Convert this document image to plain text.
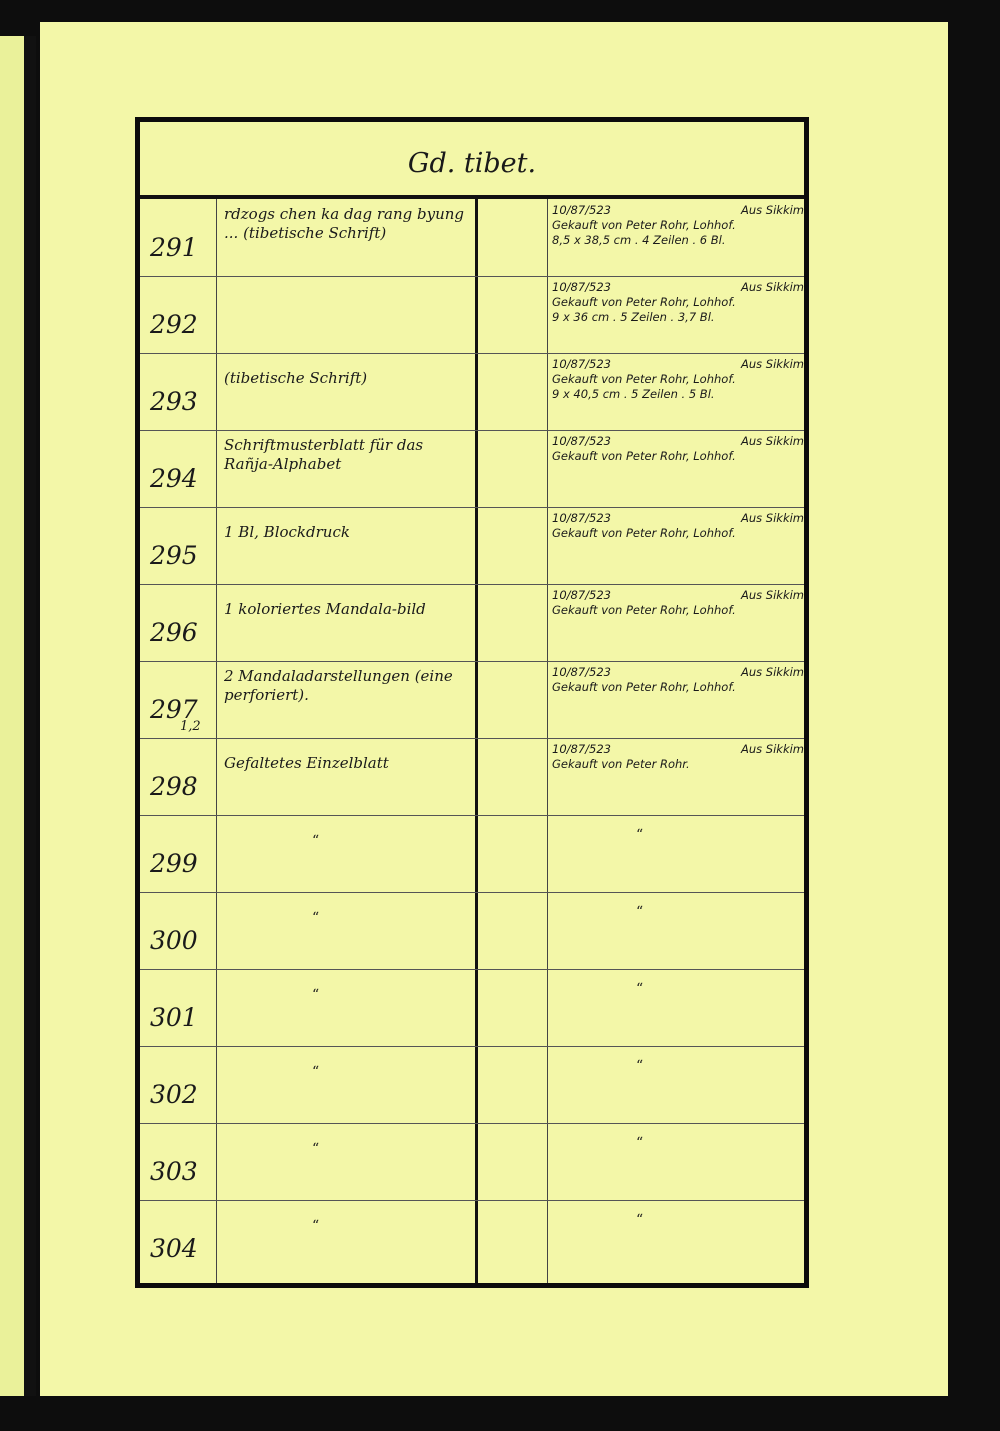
Gd. tibet.
291
rdzogs chen ka dag rang byung ... (tibetische Schrift)
10/87/523	Aus Sikkim
Gekauft von Peter Rohr, Lohhof.
8,5 x 38,5 cm . 4 Zeilen . 6 Bl.
292
10/87/523	Aus Sikkim
Gekauft von Peter Rohr, Lohhof.
9 x 36 cm . 5 Zeilen . 3,7 Bl.
293
(tibetische Schrift)
10/87/523	Aus Sikkim
Gekauft von Peter Rohr, Lohhof.
9 x 40,5 cm . 5 Zeilen . 5 Bl.
294
Schriftmusterblatt für das Rañja-Alphabet
10/87/523	Aus Sikkim
Gekauft von Peter Rohr, Lohhof.
295
1 Bl, Blockdruck
10/87/523	Aus Sikkim
Gekauft von Peter Rohr, Lohhof.
296
1 koloriertes Mandala-bild
10/87/523	Aus Sikkim
Gekauft von Peter Rohr, Lohhof.
297
1,2
2 Mandaladarstellungen (eine perforiert).
10/87/523	Aus Sikkim
Gekauft von Peter Rohr, Lohhof.
298
Gefaltetes Einzelblatt
10/87/523	Aus Sikkim
Gekauft von Peter Rohr.
299
“	“
300
“	“
301
“	“
302
“	“
303
“	“
304
“	“
